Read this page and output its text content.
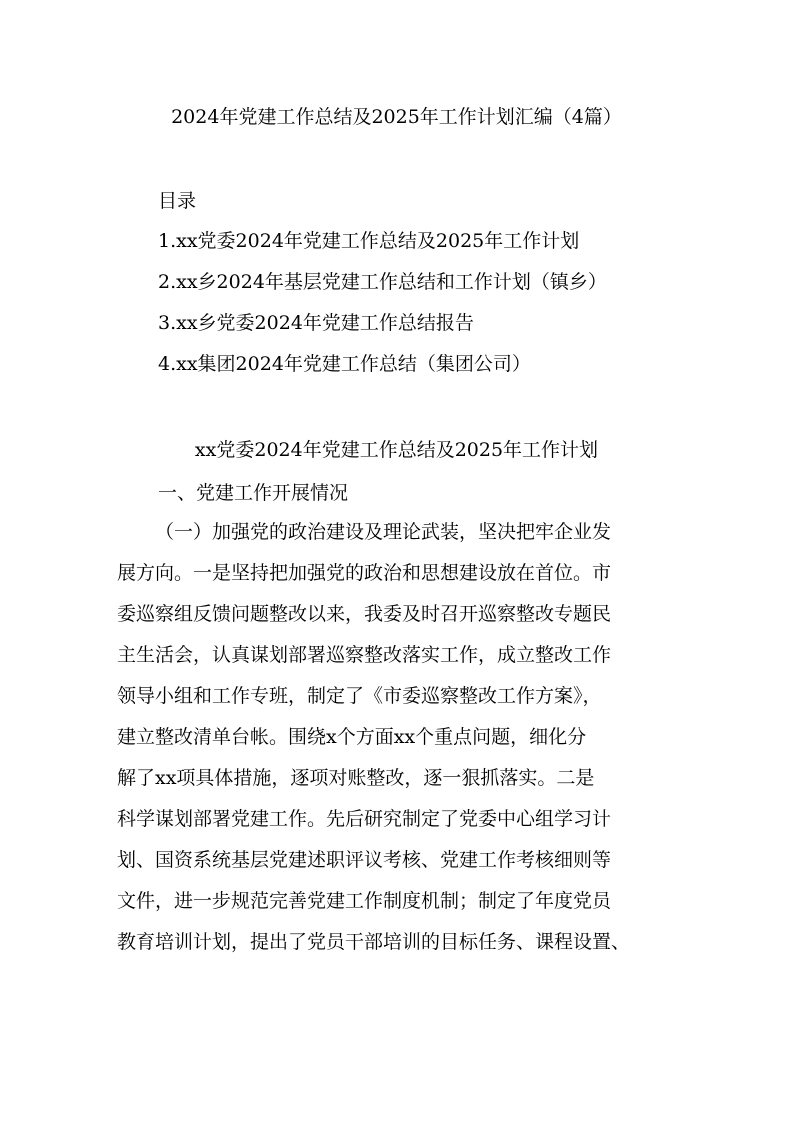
2024年党建工作总结及2025年工作计划汇编（4篇）
目录
1.xx党委2024年党建工作总结及2025年工作计划
2.xx乡2024年基层党建工作总结和工作计划（镇乡）
3.xx乡党委2024年党建工作总结报告
4.xx集团2024年党建工作总结（集团公司）
xx党委2024年党建工作总结及2025年工作计划
一、党建工作开展情况
（一）加强党的政治建设及理论武装，坚决把牢企业发
展方向。一是坚持把加强党的政治和思想建设放在首位。市
委巡察组反馈问题整改以来，我委及时召开巡察整改专题民
主生活会，认真谋划部署巡察整改落实工作，成立整改工作
领导小组和工作专班，制定了《市委巡察整改工作方案》，
建立整改清单台帐。围绕x个方面xx个重点问题，细化分
解了xx项具体措施，逐项对账整改，逐一狠抓落实。二是
科学谋划部署党建工作。先后研究制定了党委中心组学习计
划、国资系统基层党建述职评议考核、党建工作考核细则等
文件，进一步规范完善党建工作制度机制；制定了年度党员
教育培训计划，提出了党员干部培训的目标任务、课程设置、
